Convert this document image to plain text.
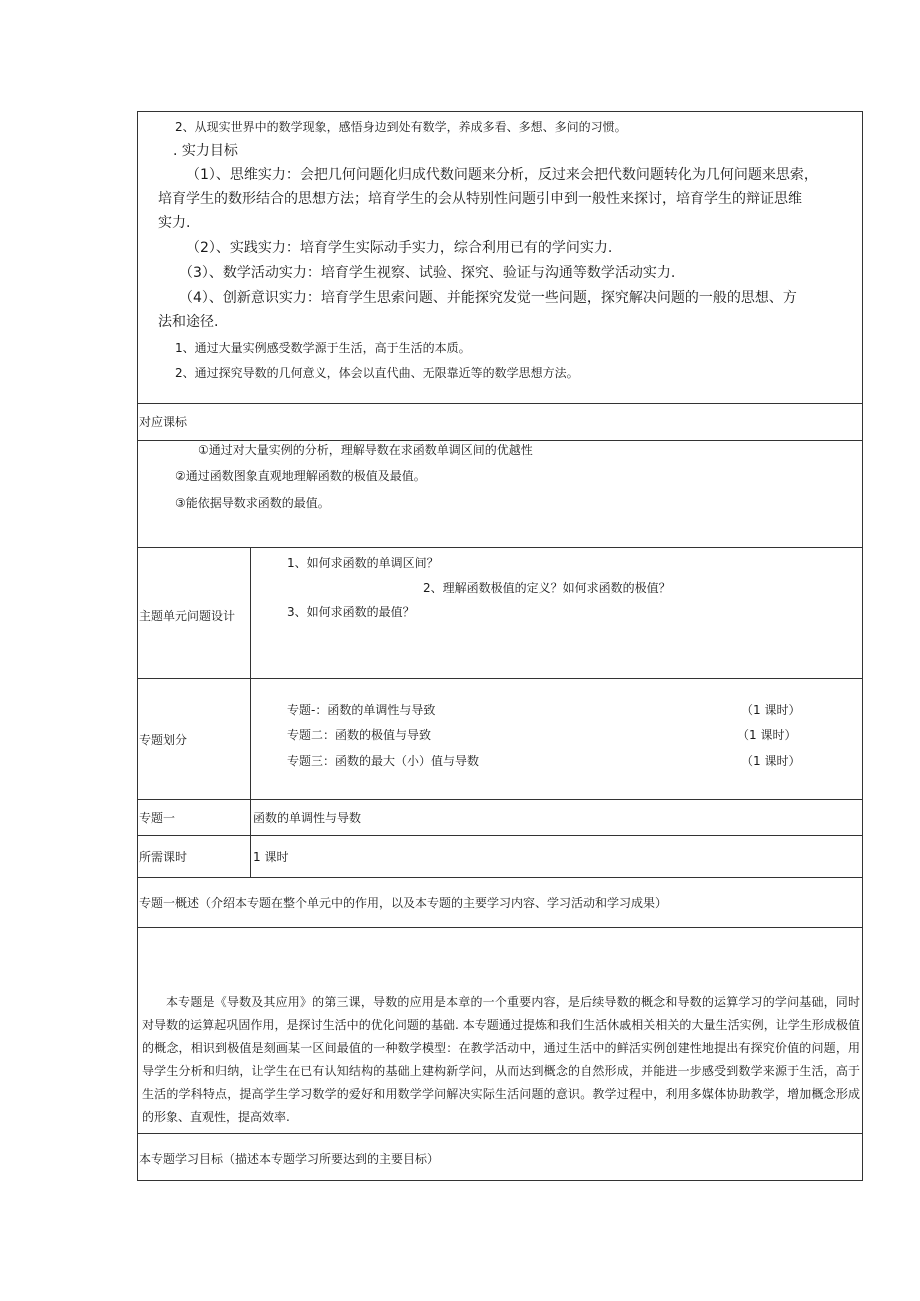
2、从现实世界中的数学现象，感悟身边到处有数学，养成多看、多想、多问的习惯。
. 实力目标
（1）、思维实力：会把几何问题化归成代数问题来分析，反过来会把代数问题转化为几何问题来思索，
培育学生的数形结合的思想方法；培育学生的会从特别性问题引申到一般性来探讨，培育学生的辩证思维
实力.
（2）、实践实力：培育学生实际动手实力，综合利用已有的学问实力.
（3）、数学活动实力：培育学生视察、试验、探究、验证与沟通等数学活动实力.
（4）、创新意识实力：培育学生思索问题、并能探究发觉一些问题，探究解决问题的一般的思想、方
法和途径.
1、通过大量实例感受数学源于生活，高于生活的本质。
2、通过探究导数的几何意义，体会以直代曲、无限靠近等的数学思想方法。
对应课标
①通过对大量实例的分析，理解导数在求函数单调区间的优越性
②通过函数图象直观地理解函数的极值及最值。
③能依据导数求函数的最值。
主题单元问题设计
1、如何求函数的单调区间？
2、理解函数极值的定义？如何求函数的极值？
3、如何求函数的最值？
专题划分
专题-：函数的单调性与导致	（1 课时）
专题二：函数的极值与导致	（1 课时）
专题三：函数的最大（小）值与导数	（1 课时）
专题一	函数的单调性与导数
所需课时	1 课时
专题一概述（介绍本专题在整个单元中的作用，以及本专题的主要学习内容、学习活动和学习成果）
本专题是《导数及其应用》的第三课，导数的应用是本章的一个重要内容，是后续导数的概念和导数的运算学习的学问基础，同时对导数的运算起巩固作用，是探讨生活中的优化问题的基础. 本专题通过提炼和我们生活休戚相关相关的大量生活实例，让学生形成极值的概念，相识到极值是刻画某一区间最值的一种数学模型：在教学活动中，通过生活中的鲜活实例创建性地提出有探究价值的问题，用导学生分析和归纳，让学生在已有认知结构的基础上建构新学问，从而达到概念的自然形成，并能进一步感受到数学来源于生活，高于生活的学科特点，提高学生学习数学的爱好和用数学学问解决实际生活问题的意识。教学过程中，利用多媒体协助教学，增加概念形成的形象、直观性，提高效率.
本专题学习目标（描述本专题学习所要达到的主要目标）
